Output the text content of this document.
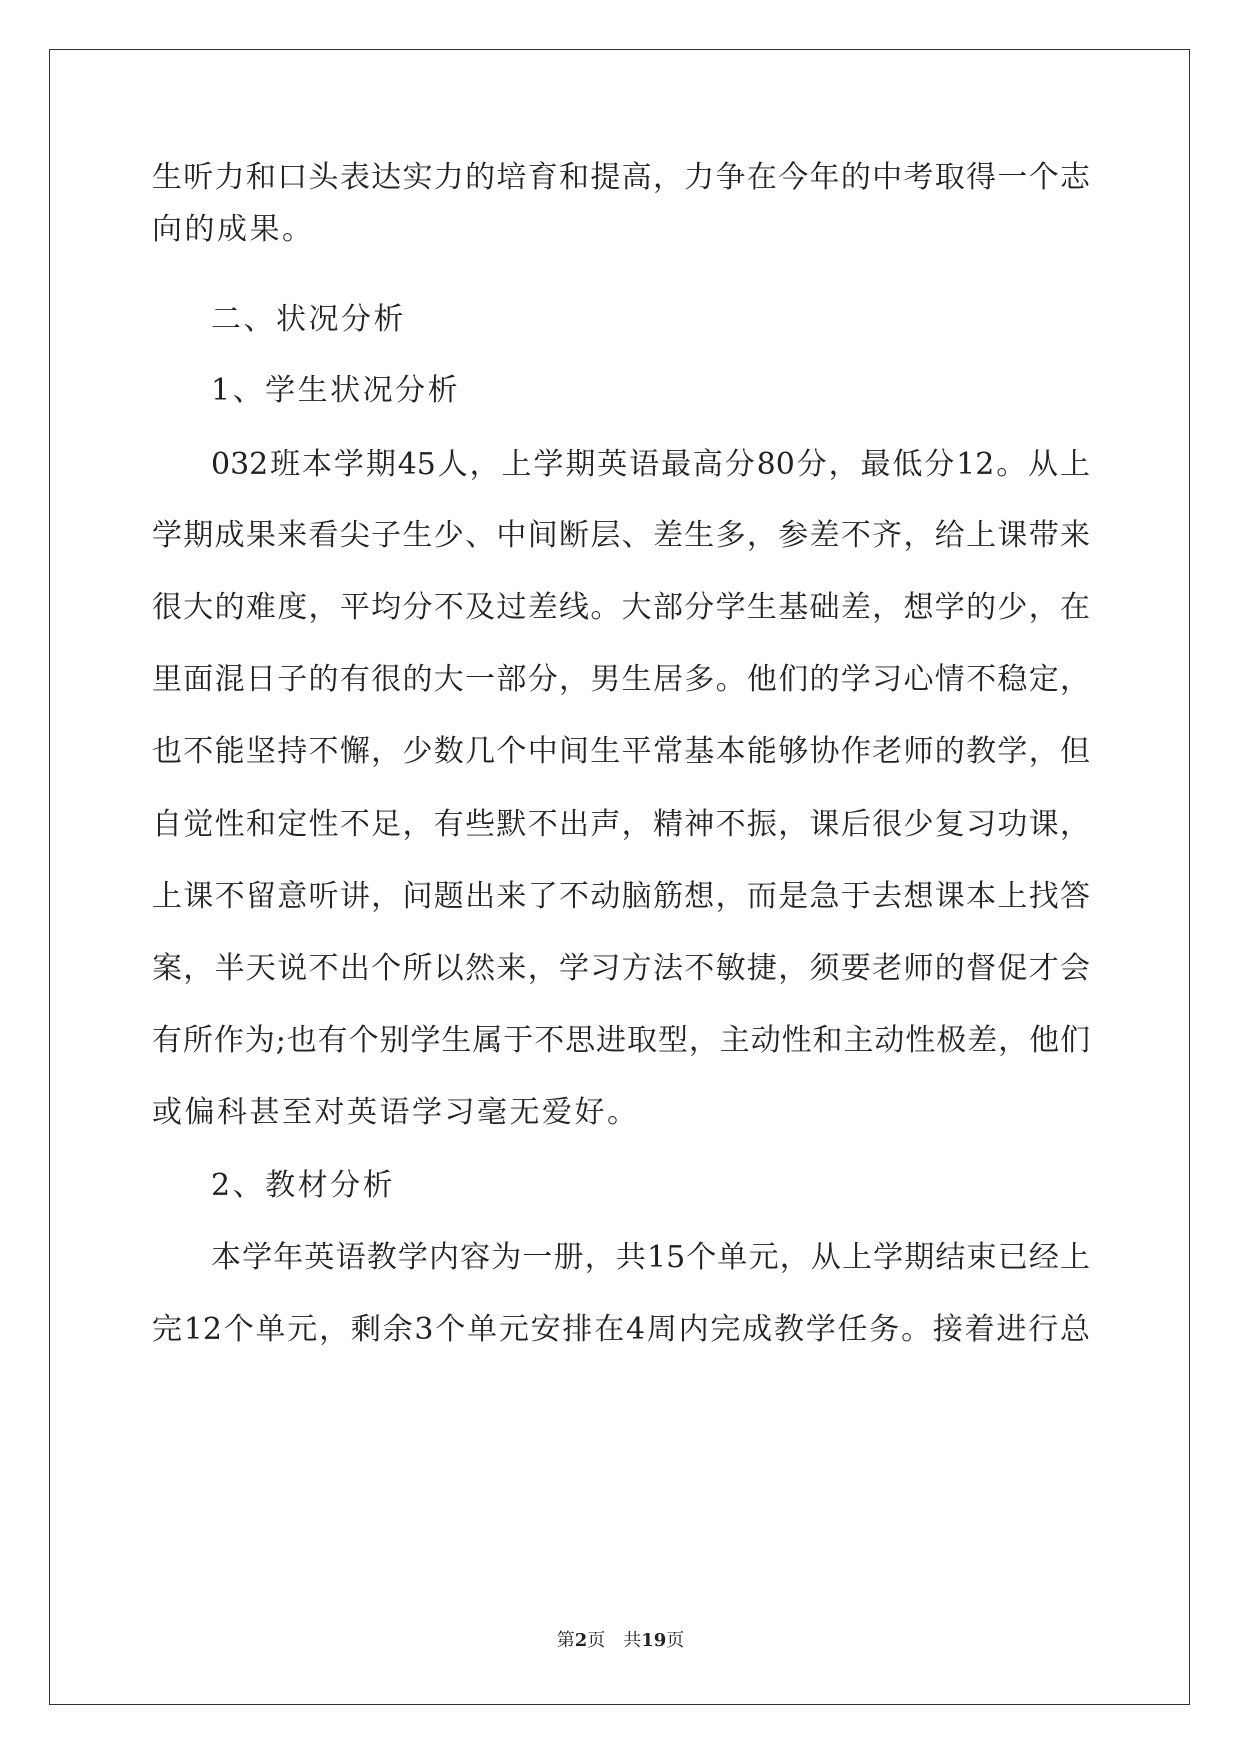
生听力和口头表达实力的培育和提高，力争在今年的中考取得一个志

向的成果。

二、状况分析

1、学生状况分析

032班本学期45人，上学期英语最高分80分，最低分12。从上

学期成果来看尖子生少、中间断层、差生多，参差不齐，给上课带来

很大的难度，平均分不及过差线。大部分学生基础差，想学的少，在

里面混日子的有很的大一部分，男生居多。他们的学习心情不稳定，

也不能坚持不懈，少数几个中间生平常基本能够协作老师的教学，但

自觉性和定性不足，有些默不出声，精神不振，课后很少复习功课，

上课不留意听讲，问题出来了不动脑筋想，而是急于去想课本上找答

案，半天说不出个所以然来，学习方法不敏捷，须要老师的督促才会

有所作为;也有个别学生属于不思进取型，主动性和主动性极差，他们

或偏科甚至对英语学习毫无爱好。

2、教材分析

本学年英语教学内容为一册，共15个单元，从上学期结束已经上

完12个单元，剩余3个单元安排在4周内完成教学任务。接着进行总

第2页　共19页
